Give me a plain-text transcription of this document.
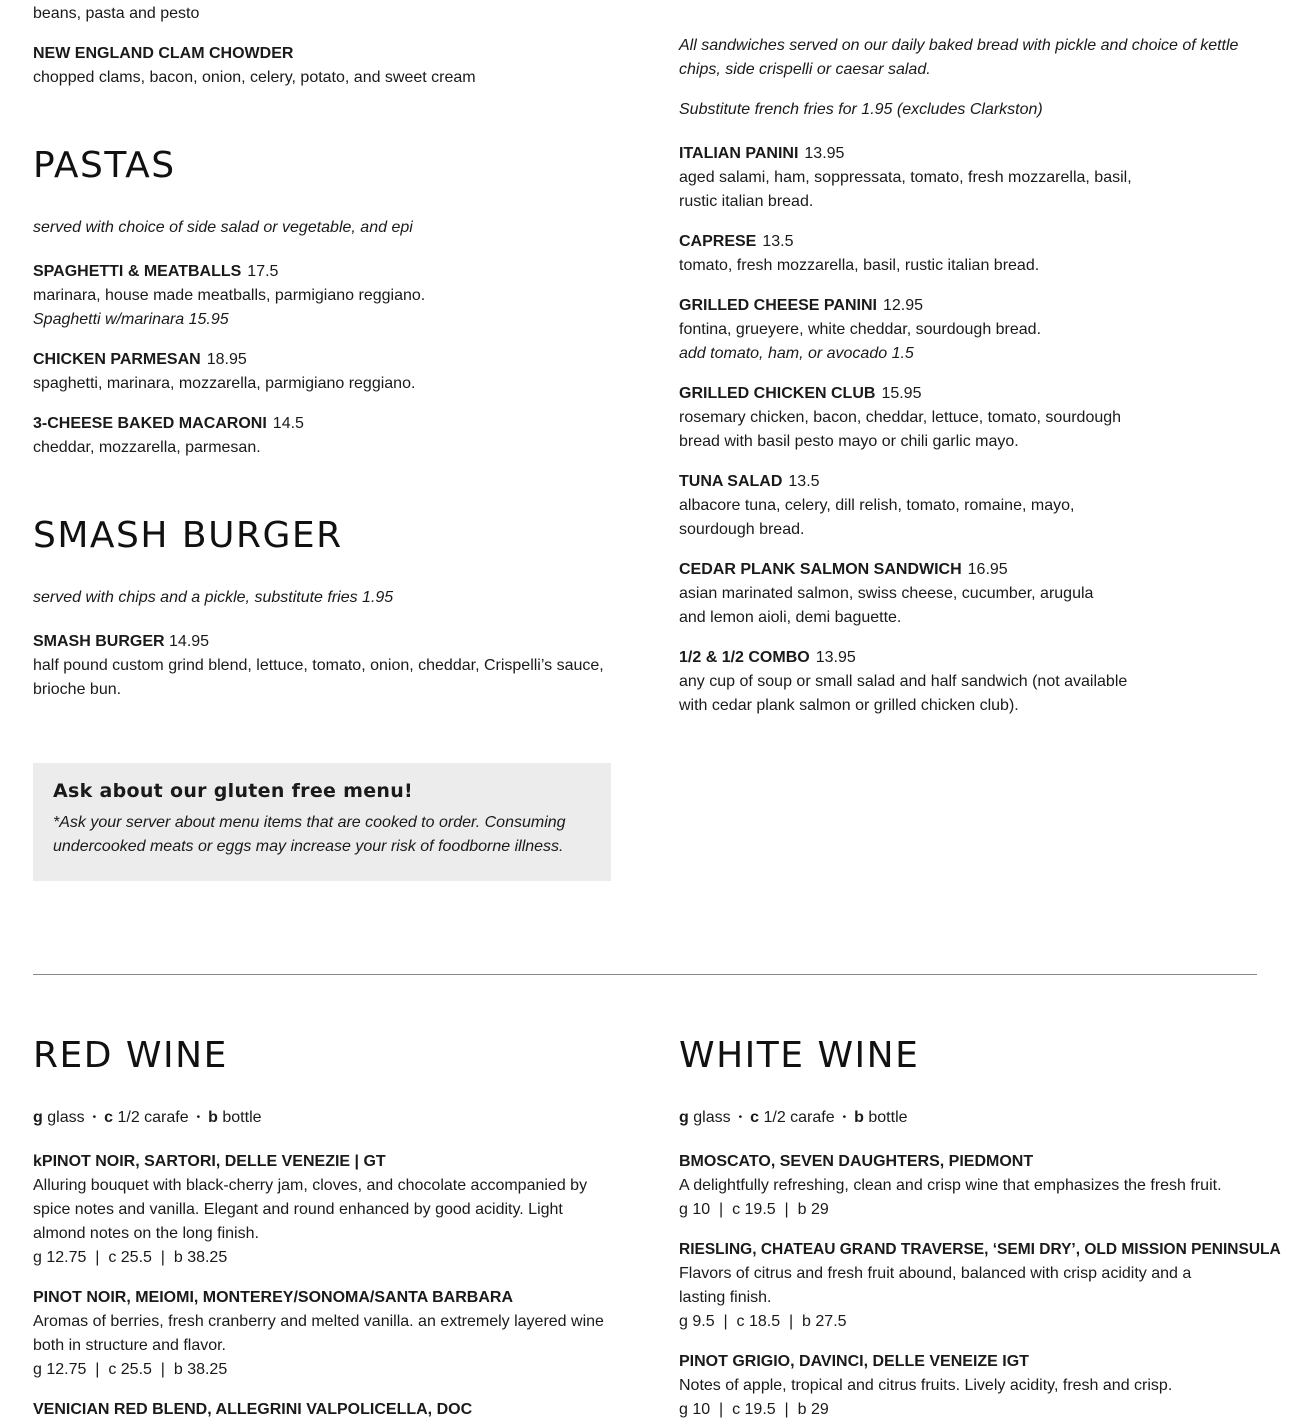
beans, pasta and pesto
NEW ENGLAND CLAM CHOWDER
chopped clams, bacon, onion, celery, potato, and sweet cream
PASTAS
served with choice of side salad or vegetable, and epi
SPAGHETTI & MEATBALLS 17.5
marinara, house made meatballs, parmigiano reggiano.
Spaghetti w/marinara 15.95
CHICKEN PARMESAN 18.95
spaghetti, marinara, mozzarella, parmigiano reggiano.
3-CHEESE BAKED MACARONI 14.5
cheddar, mozzarella, parmesan.
SMASH BURGER
served with chips and a pickle, substitute fries 1.95
SMASH BURGER 14.95
half pound custom grind blend, lettuce, tomato, onion, cheddar, Crispelli’s sauce,
brioche bun.
Ask about our gluten free menu!
*Ask your server about menu items that are cooked to order. Consuming
undercooked meats or eggs may increase your risk of foodborne illness.
All sandwiches served on our daily baked bread with pickle and choice of kettle
chips, side crispelli or caesar salad.
Substitute french fries for 1.95 (excludes Clarkston)
ITALIAN PANINI 13.95
aged salami, ham, soppressata, tomato, fresh mozzarella, basil,
rustic italian bread.
CAPRESE 13.5
tomato, fresh mozzarella, basil, rustic italian bread.
GRILLED CHEESE PANINI 12.95
fontina, grueyere, white cheddar, sourdough bread.
add tomato, ham, or avocado 1.5
GRILLED CHICKEN CLUB 15.95
rosemary chicken, bacon, cheddar, lettuce, tomato, sourdough
bread with basil pesto mayo or chili garlic mayo.
TUNA SALAD 13.5
albacore tuna, celery, dill relish, tomato, romaine, mayo,
sourdough bread.
CEDAR PLANK SALMON SANDWICH 16.95
asian marinated salmon, swiss cheese, cucumber, arugula
and lemon aioli, demi baguette.
1/2 & 1/2 COMBO 13.95
any cup of soup or small salad and half sandwich (not available
with cedar plank salmon or grilled chicken club).
RED WINE
g glass • c 1/2 carafe • b bottle
kPINOT NOIR, SARTORI, DELLE VENEZIE | GT
Alluring bouquet with black-cherry jam, cloves, and chocolate accompanied by
spice notes and vanilla. Elegant and round enhanced by good acidity. Light
almond notes on the long finish.
g 12.75  |  c 25.5  |  b 38.25
PINOT NOIR, MEIOMI, MONTEREY/SONOMA/SANTA BARBARA
Aromas of berries, fresh cranberry and melted vanilla. an extremely layered wine
both in structure and flavor.
g 12.75  |  c 25.5  |  b 38.25
VENICIAN RED BLEND, ALLEGRINI VALPOLICELLA, DOC
WHITE WINE
g glass • c 1/2 carafe • b bottle
BMOSCATO, SEVEN DAUGHTERS, PIEDMONT
A delightfully refreshing, clean and crisp wine that emphasizes the fresh fruit.
g 10  |  c 19.5  |  b 29
RIESLING, CHATEAU GRAND TRAVERSE, ‘SEMI DRY’, OLD MISSION PENINSULA
Flavors of citrus and fresh fruit abound, balanced with crisp acidity and a
lasting finish.
g 9.5  |  c 18.5  |  b 27.5
PINOT GRIGIO, DAVINCI, DELLE VENEIZE IGT
Notes of apple, tropical and citrus fruits. Lively acidity, fresh and crisp.
g 10  |  c 19.5  |  b 29
